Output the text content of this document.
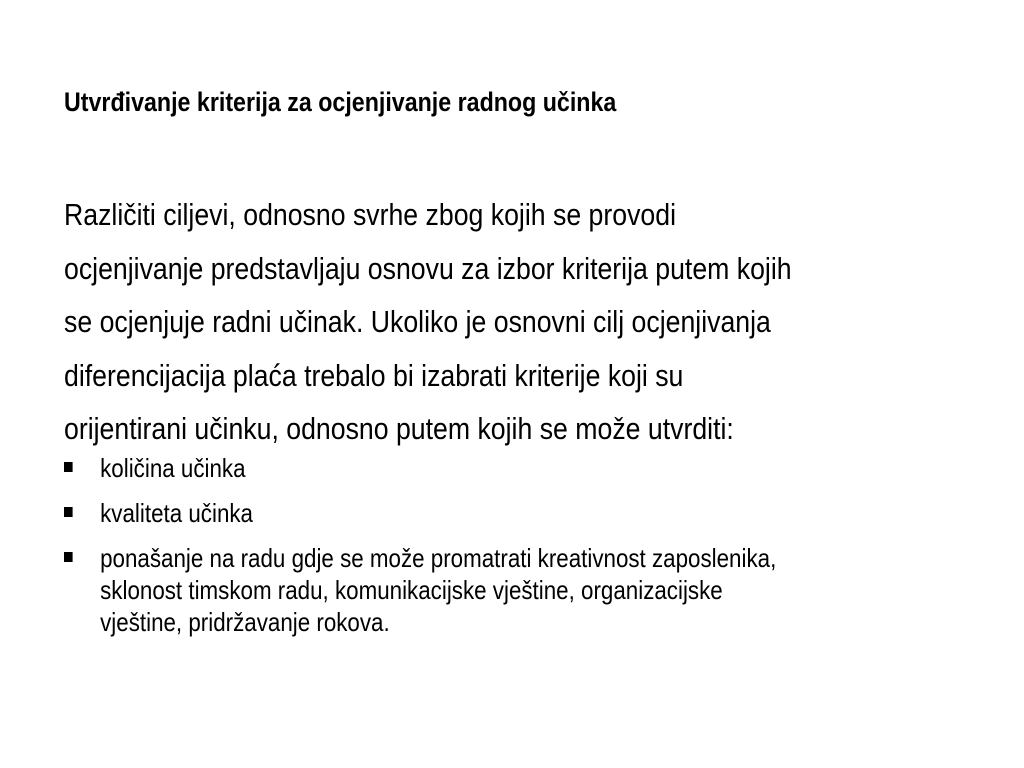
Utvrđivanje kriterija za ocjenjivanje radnog učinka
Različiti ciljevi, odnosno svrhe zbog kojih se provodi
ocjenjivanje predstavljaju osnovu za izbor kriterija putem kojih
se ocjenjuje radni učinak. Ukoliko je osnovni cilj ocjenjivanja
diferencijacija plaća trebalo bi izabrati kriterije koji su
orijentirani učinku, odnosno putem kojih se može utvrditi:
količina učinka
kvaliteta učinka
ponašanje na radu gdje se može promatrati kreativnost zaposlenika,
sklonost timskom radu, komunikacijske vještine, organizacijske
vještine, pridržavanje rokova.
